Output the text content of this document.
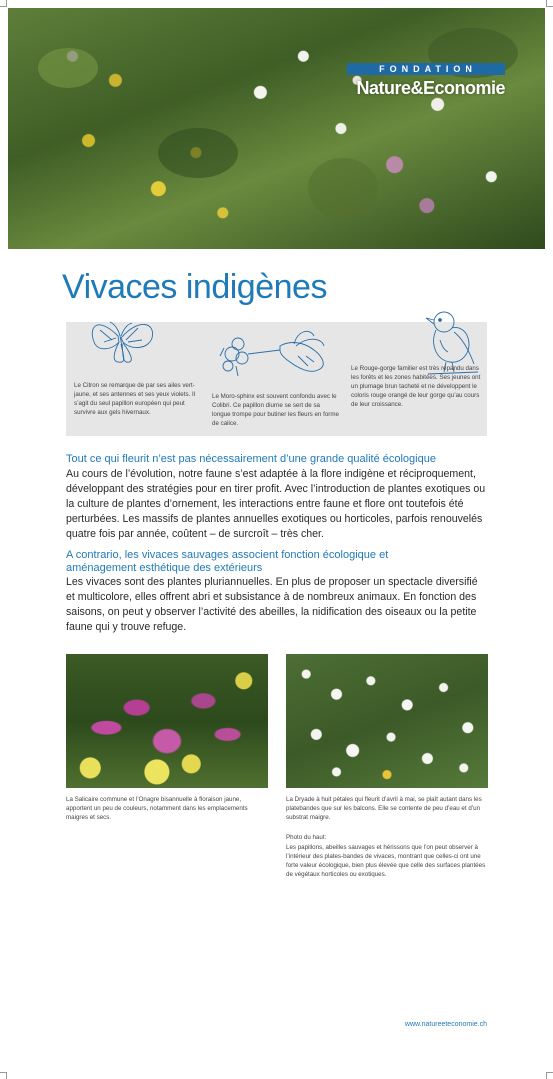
FONDATION
Nature&Economie
Vivaces indigènes

Le Citron se remarque de par ses ailes vert-jaune, et ses antennes et ses yeux violets. Il s’agit du seul papillon européen qui peut survivre aux gels hivernaux.

Le Moro-sphinx est souvent confondu avec le Colibri. Ce papillon diurne se sert de sa longue trompe pour butiner les fleurs en forme de calice.

Le Rouge-gorge familier est très répandu dans les forêts et les zones habitées. Ses jeunes ont un plumage brun tacheté et ne développent le coloris rouge orangé de leur gorge qu’au cours de leur croissance.

Tout ce qui fleurit n’est pas nécessairement d’une grande qualité écologique

Au cours de l’évolution, notre faune s’est adaptée à la flore indigène et réciproquement, développant des stratégies pour en tirer profit. Avec l’introduction de plantes exotiques ou la culture de plantes d’ornement, les interactions entre faune et flore ont toutefois été perturbées. Les massifs de plantes annuelles exotiques ou horticoles, parfois renouvelés quatre fois par année, coûtent – de surcroît – très cher.

A contrario, les vivaces sauvages associent fonction écologique et
aménagement esthétique des extérieurs

Les vivaces sont des plantes pluriannuelles. En plus de proposer un spectacle diversifié et multicolore, elles offrent abri et subsistance à de nombreux animaux. En fonction des saisons, on peut y observer l’activité des abeilles, la nidification des oiseaux ou la petite faune qui y trouve refuge.

La Salicaire commune et l’Onagre bisannuelle à floraison jaune, apportent un peu de couleurs, notamment dans les emplacements maigres et secs.

La Dryade à huit pétales qui fleurit d’avril à mai, se plaît autant dans les platebandes que sur les balcons. Elle se contente de peu d’eau et d’un substrat maigre.

Photo du haut:

Les papillons, abeilles sauvages et hérissons que l’on peut observer à l’intérieur des plates-bandes de vivaces, montrant que celles-ci ont une forte valeur écologique, bien plus élevée que celle des surfaces plantées de végétaux horticoles ou exotiques.

www.natureeteconomie.ch
